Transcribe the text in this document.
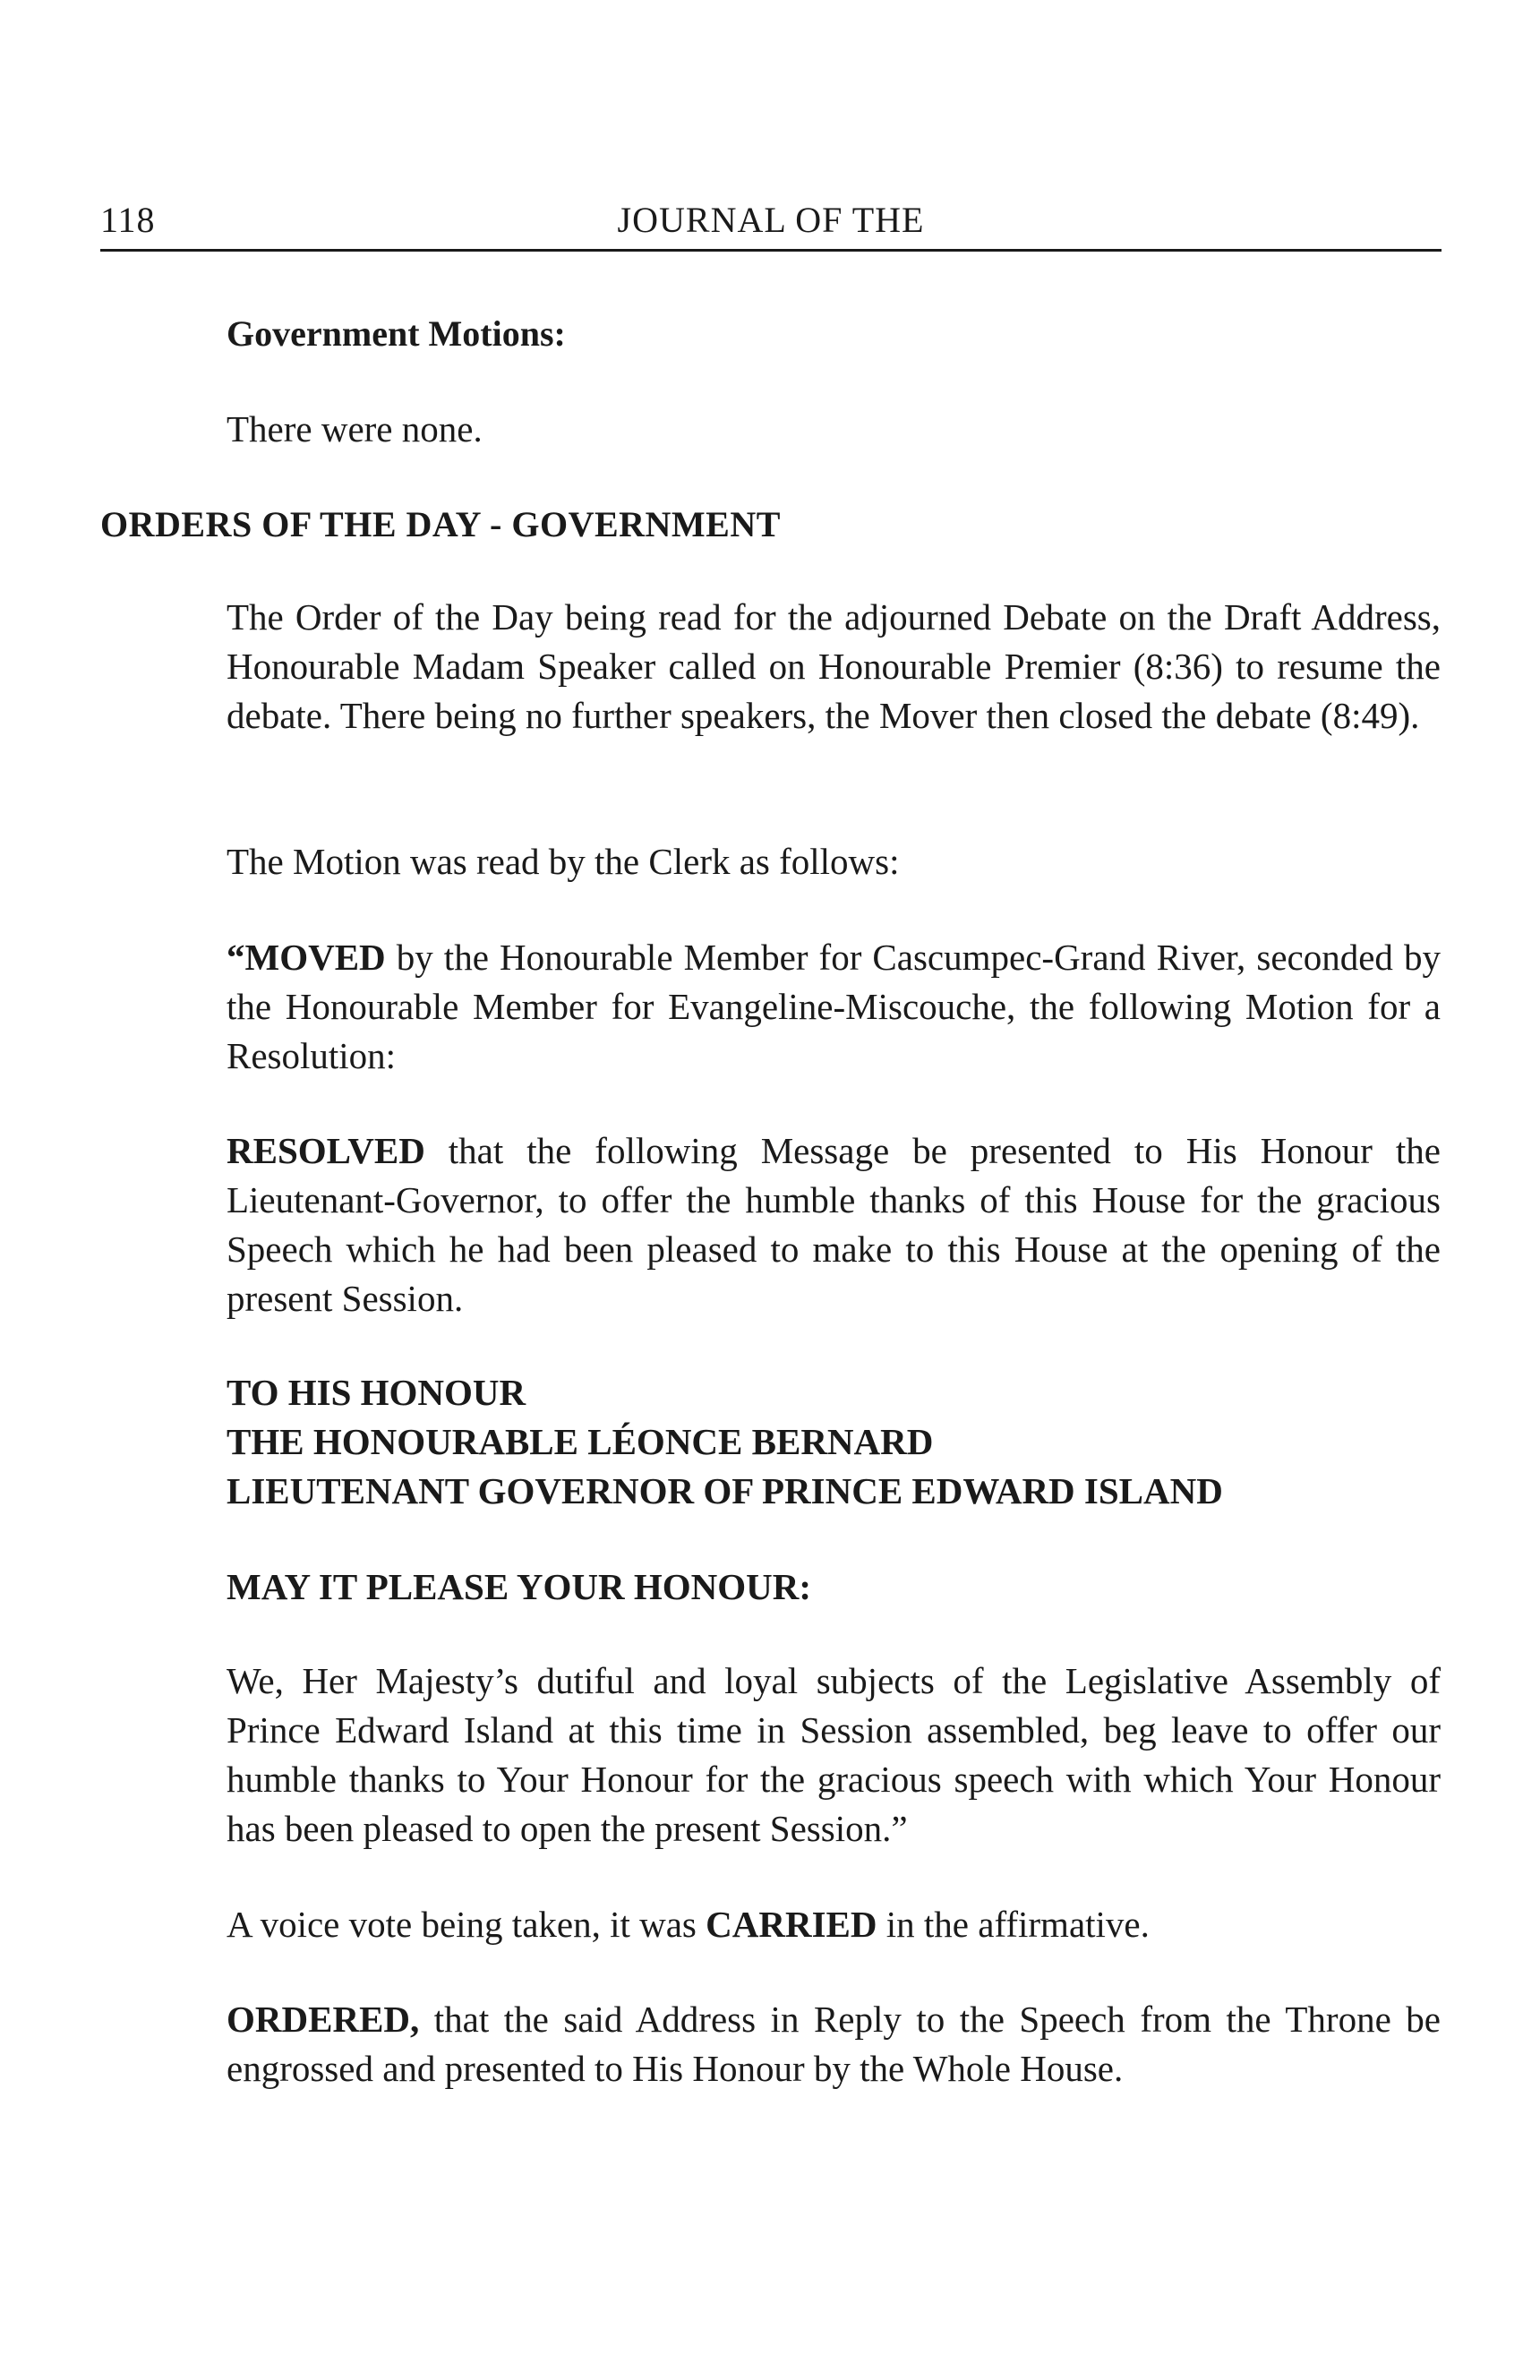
118	JOURNAL OF THE

Government Motions:

There were none.

ORDERS OF THE DAY - GOVERNMENT

The Order of the Day being read for the adjourned Debate on the Draft Address, Honourable Madam Speaker called on Honourable Premier (8:36) to resume the debate. There being no further speakers, the Mover then closed the debate (8:49).

The Motion was read by the Clerk as follows:

“MOVED by the Honourable Member for Cascumpec-Grand River, seconded by the Honourable Member for Evangeline-Miscouche, the following Motion for a Resolution:

RESOLVED that the following Message be presented to His Honour the Lieutenant-Governor, to offer the humble thanks of this House for the gracious Speech which he had been pleased to make to this House at the opening of the present Session.

TO HIS HONOUR
THE HONOURABLE LÉONCE BERNARD
LIEUTENANT GOVERNOR OF PRINCE EDWARD ISLAND

MAY IT PLEASE YOUR HONOUR:

We, Her Majesty’s dutiful and loyal subjects of the Legislative Assembly of Prince Edward Island at this time in Session assembled, beg leave to offer our humble thanks to Your Honour for the gracious speech with which Your Honour has been pleased to open the present Session.”

A voice vote being taken, it was CARRIED in the affirmative.

ORDERED, that the said Address in Reply to the Speech from the Throne be engrossed and presented to His Honour by the Whole House.
